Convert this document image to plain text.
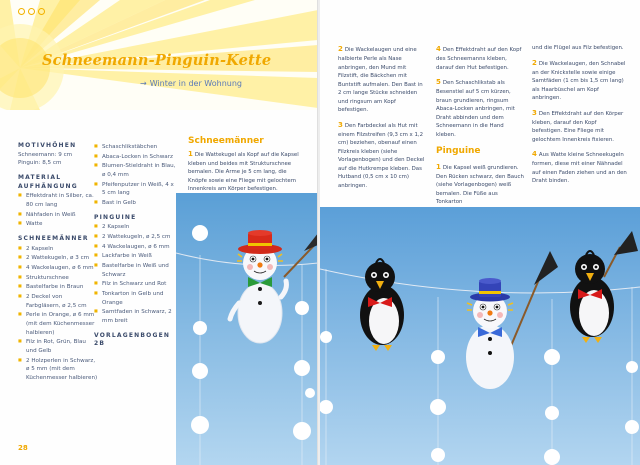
Schneemann-Pinguin-Kette
→ Winter in der Wohnung
MOTIVHÖHEN
Schneemann: 9 cm
Pinguin: 8,5 cm
MATERIAL AUFHÄNGUNG
■ Effektdraht in Silber, ca. 80 cm lang
■ Nähfaden in Weiß
■ Watte
SCHNEEMÄNNER
■ 2 Kapseln
■ 2 Wattekugeln, ø 3 cm
■ 4 Wackelaugen, ø 6 mm
■ Strukturschnee
■ Bastelfarbe in Braun
■ 2 Deckel von Farbgläsern, ø 2,5 cm
■ Perle in Orange, ø 6 mm (mit dem Küchenmesser halbieren)
■ Filz in Rot, Grün, Blau und Gelb
■ 2 Holzperlen in Schwarz, ø 5 mm (mit dem Küchenmesser halbieren)
■ Schaschlikstäbchen
■ Abaca-Locken in Schwarz
■ Blumen-Stieldraht in Blau, ø 0,4 mm
■ Pfeifenputzer in Weiß, 4 x 5 cm lang
■ Bast in Gelb
PINGUINE
■ 2 Kapseln
■ 2 Wattekugeln, ø 2,5 cm
■ 4 Wackelaugen, ø 6 mm
■ Lackfarbe in Weiß
■ Bastelfarbe in Weiß und Schwarz
■ Filz in Schwarz und Rot
■ Tonkarton in Gelb und Orange
■ Samtfaden in Schwarz, 2 mm breit
VORLAGENBOGEN 2B
Schneemänner
1 Die Wattekugel als Kopf auf die Kapsel kleben und beides mit Strukturschnee bemalen. Die Arme je 5 cm lang, die Knöpfe sowie eine Fliege mit gelochtem Innenkreis am Körper befestigen.
28

2 Die Wackelaugen und eine halbierte Perle als Nase anbringen, den Mund mit Filzstift, die Bäckchen mit Buntstift aufmalen. Den Bast in 2 cm lange Stücke schneiden und ringsum am Kopf befestigen.

3 Den Farbdeckel als Hut mit einem Filzstreifen (9,3 cm x 1,2 cm) beziehen, obenauf einen Filzkreis kleben (siehe Vorlagenbogen) und den Deckel auf die Hutkrempe kleben. Das Hutband (0,5 cm x 10 cm) anbringen.

4 Den Effektdraht auf den Kopf des Schneemanns kleben, darauf den Hut befestigen.

5 Den Schaschlikstab als Besenstiel auf 5 cm kürzen, braun grundieren, ringsum Abaca-Locken anbringen, mit Draht abbinden und dem Schneemann in die Hand kleben.

Pinguine

1 Die Kapsel weiß grundieren. Den Rücken schwarz, den Bauch (siehe Vorlagenbogen) weiß bemalen. Die Füße aus Tonkarton

und die Flügel aus Filz befestigen.

2 Die Wackelaugen, den Schnabel an der Knickstelle sowie einige Samtfäden (1 cm bis 1,5 cm lang) als Haarbüschel am Kopf anbringen.

3 Den Effektdraht auf den Körper kleben, darauf den Kopf befestigen. Eine Fliege mit gelochtem Innenkreis fixieren.

4 Aus Watte kleine Schneekugeln formen, diese mit einer Nähnadel auf einen Faden ziehen und an den Draht binden.
